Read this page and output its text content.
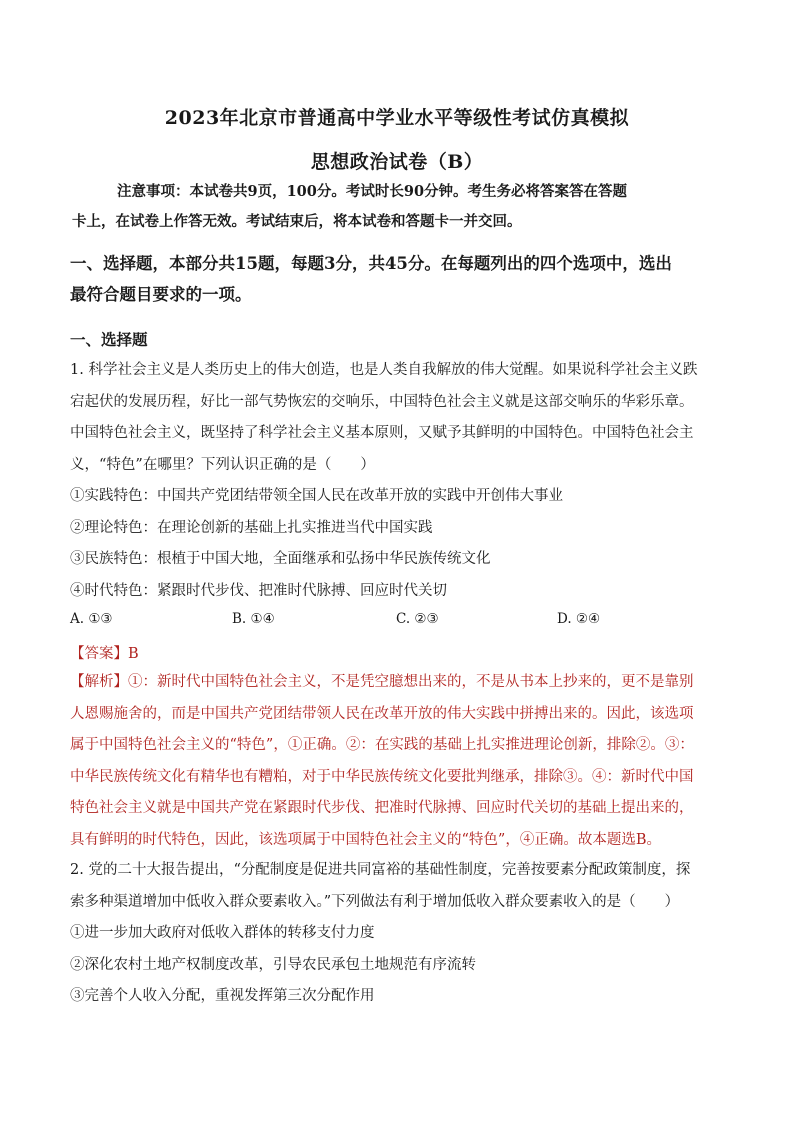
2023年北京市普通高中学业水平等级性考试仿真模拟
思想政治试卷（B）
注意事项：本试卷共9页，100分。考试时长90分钟。考生务必将答案答在答题
卡上，在试卷上作答无效。考试结束后，将本试卷和答题卡一并交回。
一、选择题，本部分共15题，每题3分，共45分。在每题列出的四个选项中，选出
最符合题目要求的一项。
一、选择题
1. 科学社会主义是人类历史上的伟大创造，也是人类自我解放的伟大觉醒。如果说科学社会主义跌
宕起伏的发展历程，好比一部气势恢宏的交响乐，中国特色社会主义就是这部交响乐的华彩乐章。
中国特色社会主义，既坚持了科学社会主义基本原则，又赋予其鲜明的中国特色。中国特色社会主
义，“特色”在哪里？下列认识正确的是（　　）
①实践特色：中国共产党团结带领全国人民在改革开放的实践中开创伟大事业
②理论特色：在理论创新的基础上扎实推进当代中国实践
③民族特色：根植于中国大地，全面继承和弘扬中华民族传统文化
④时代特色：紧跟时代步伐、把准时代脉搏、回应时代关切
A. ①③	B. ①④	C. ②③	D. ②④
【答案】B
【解析】①：新时代中国特色社会主义，不是凭空臆想出来的，不是从书本上抄来的，更不是靠别
人恩赐施舍的，而是中国共产党团结带领人民在改革开放的伟大实践中拼搏出来的。因此，该选项
属于中国特色社会主义的“特色”，①正确。②：在实践的基础上扎实推进理论创新，排除②。③：
中华民族传统文化有精华也有糟粕，对于中华民族传统文化要批判继承，排除③。④：新时代中国
特色社会主义就是中国共产党在紧跟时代步伐、把准时代脉搏、回应时代关切的基础上提出来的，
具有鲜明的时代特色，因此，该选项属于中国特色社会主义的“特色”，④正确。故本题选B。
2. 党的二十大报告提出，“分配制度是促进共同富裕的基础性制度，完善按要素分配政策制度，探
索多种渠道增加中低收入群众要素收入。”下列做法有利于增加低收入群众要素收入的是（　　）
①进一步加大政府对低收入群体的转移支付力度
②深化农村土地产权制度改革，引导农民承包土地规范有序流转
③完善个人收入分配，重视发挥第三次分配作用
